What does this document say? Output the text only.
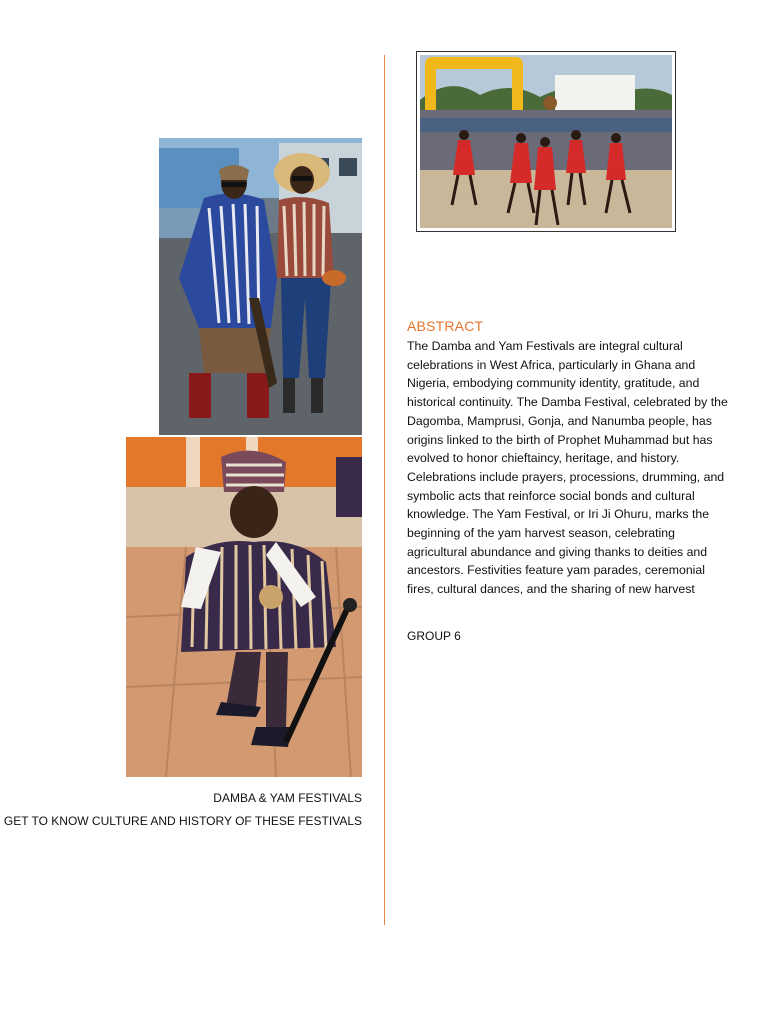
DAMBA & YAM FESTIVALS
GET TO KNOW CULTURE AND HISTORY OF THESE FESTIVALS
ABSTRACT
The Damba and Yam Festivals are integral cultural celebrations in West Africa, particularly in Ghana and Nigeria, embodying community identity, gratitude, and historical continuity. The Damba Festival, celebrated by the Dagomba, Mamprusi, Gonja, and Nanumba people, has origins linked to the birth of Prophet Muhammad but has evolved to honor chieftaincy, heritage, and history. Celebrations include prayers, processions, drumming, and symbolic acts that reinforce social bonds and cultural knowledge. The Yam Festival, or Iri Ji Ohuru, marks the beginning of the yam harvest season, celebrating agricultural abundance and giving thanks to deities and ancestors. Festivities feature yam parades, ceremonial fires, cultural dances, and the sharing of new harvest
GROUP 6
